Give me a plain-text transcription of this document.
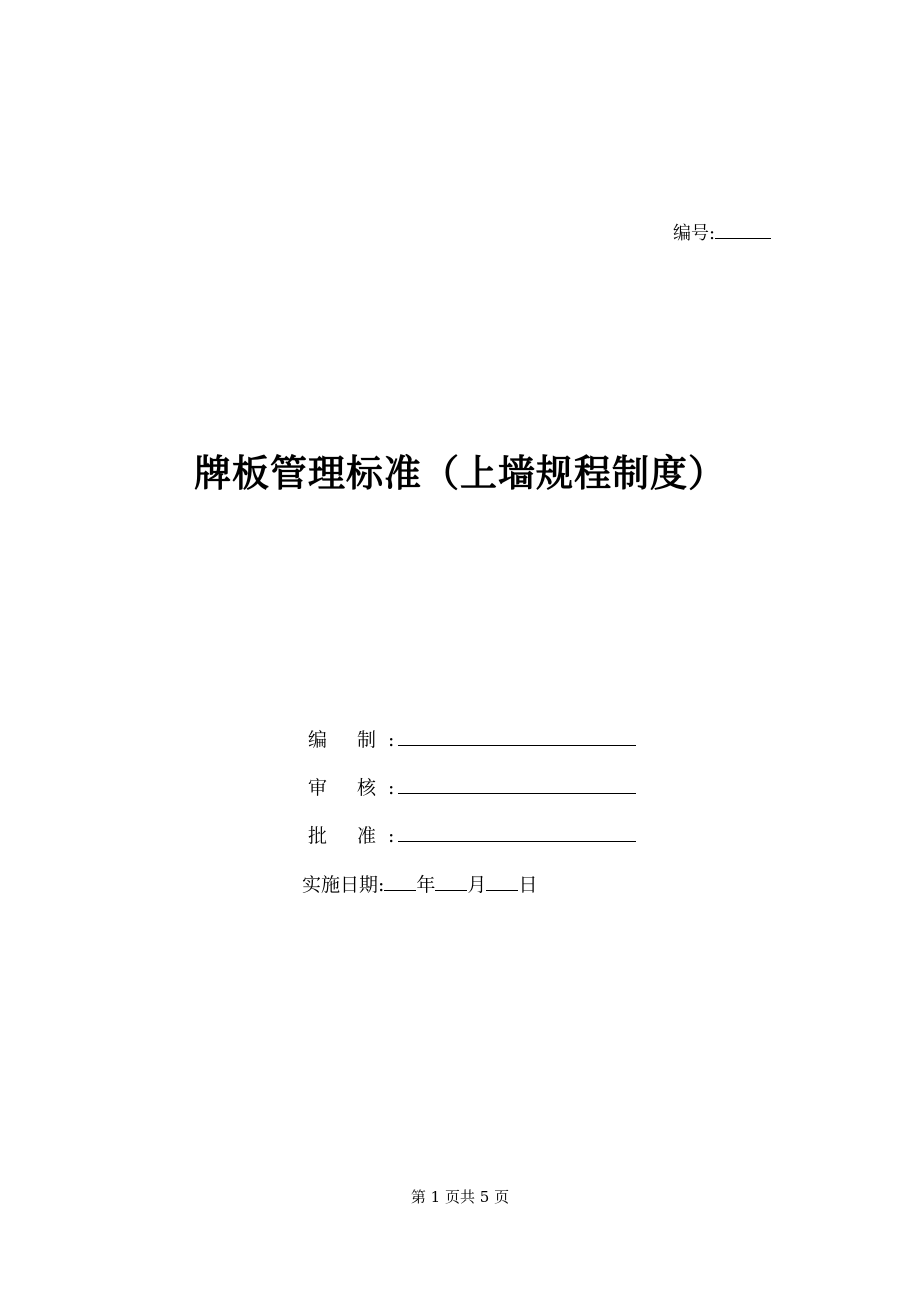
编号:
牌板管理标准（上墙规程制度）
编 制:
审 核:
批 准:
实施日期: 年 月 日
第 1 页共 5 页
